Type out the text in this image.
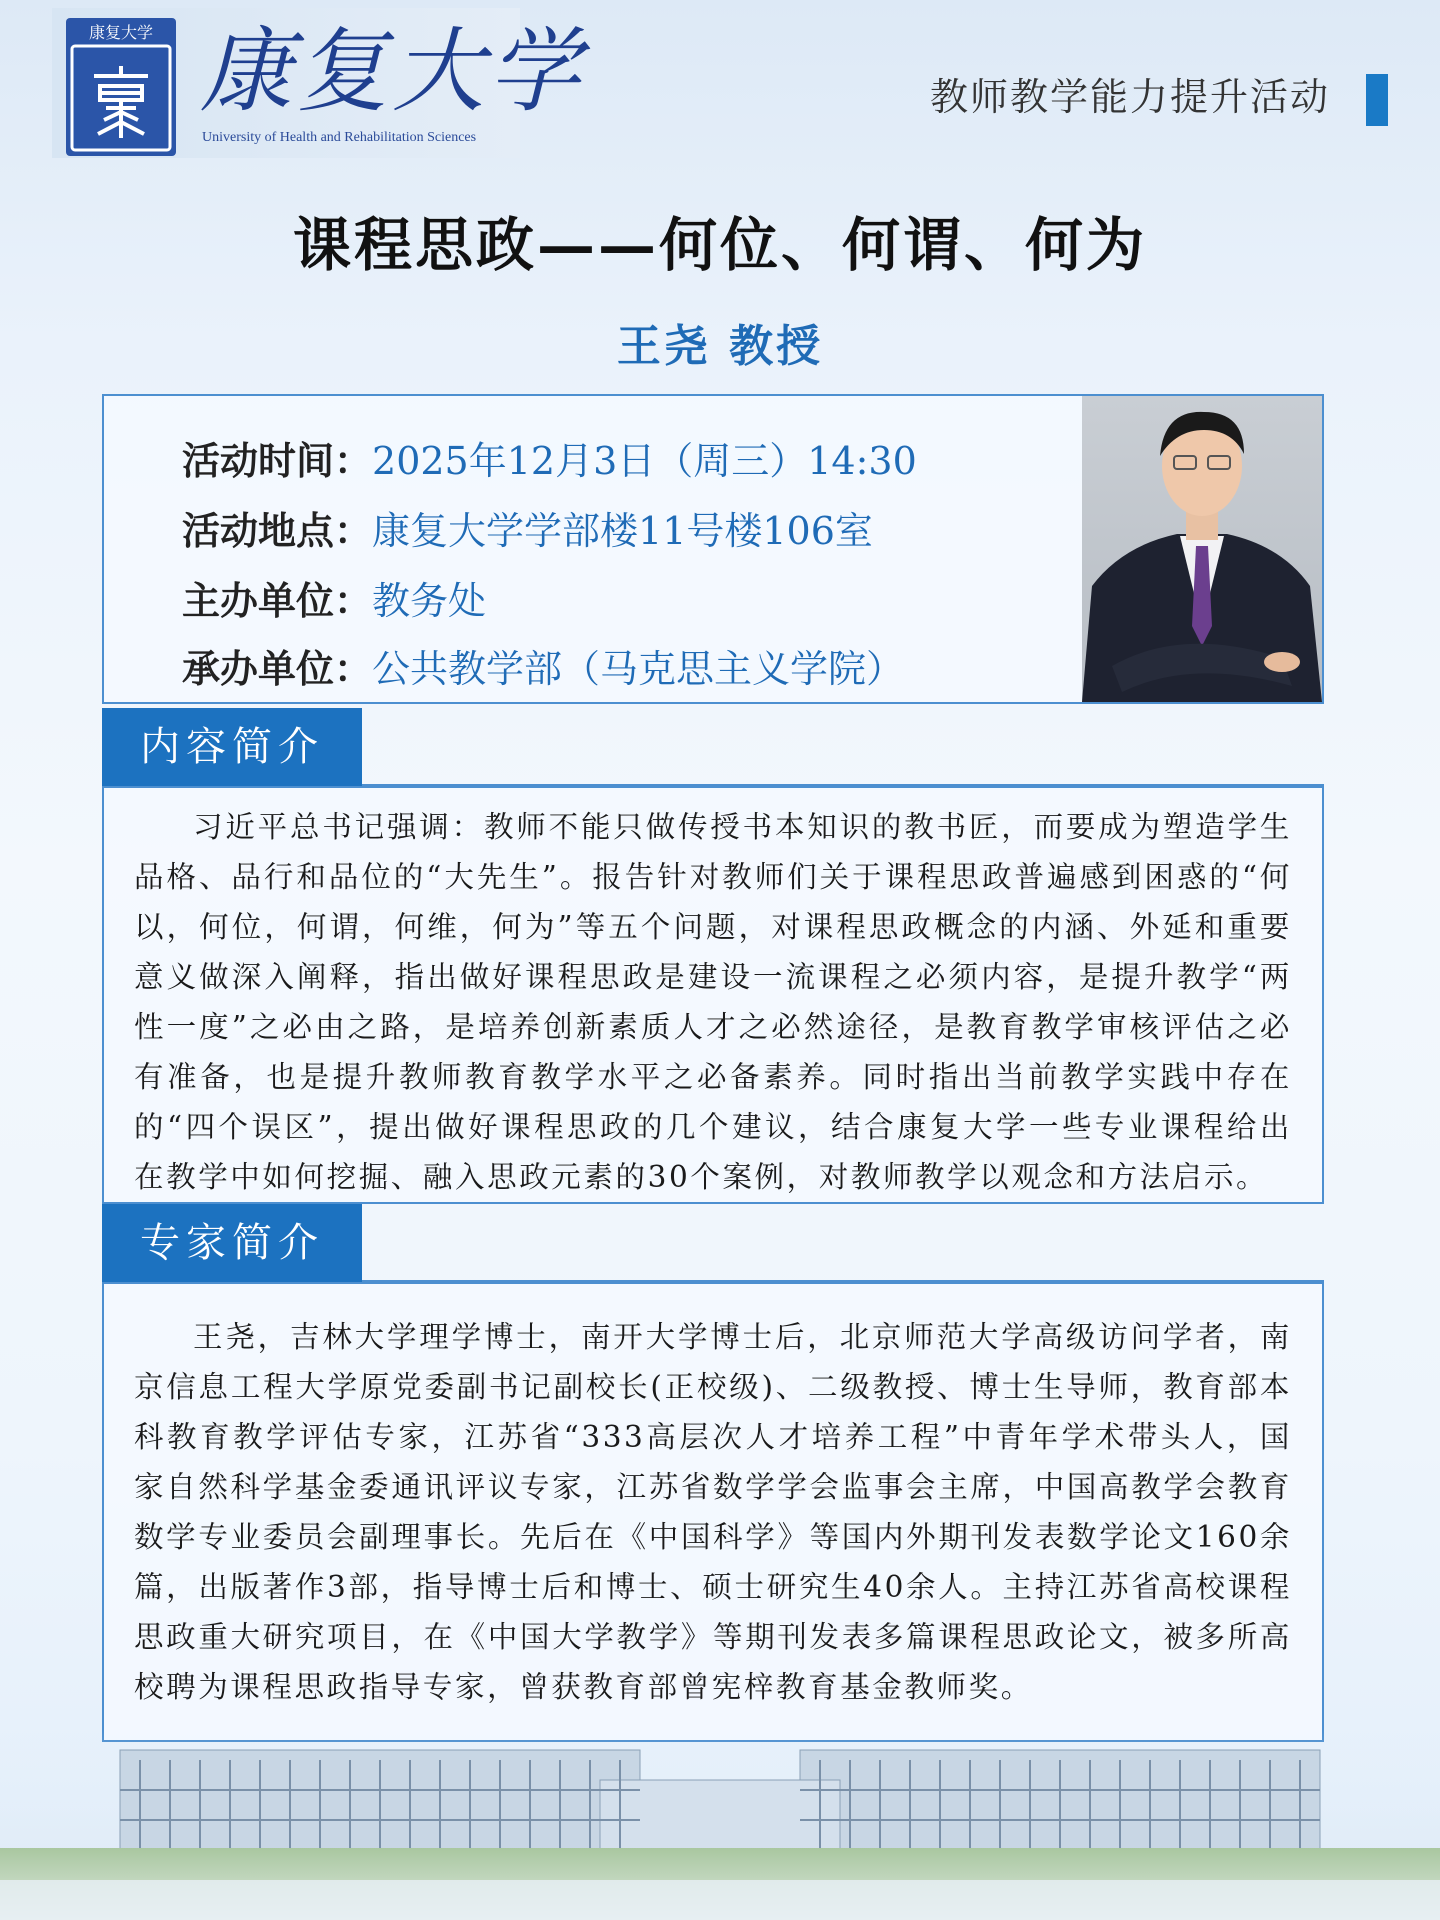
康复大学 康复大学
University of Health and Rehabilitation Sciences
教师教学能力提升活动
课程思政——何位、何谓、何为
王尧 教授
活动时间：2025年12月3日（周三）14:30
活动地点：康复大学学部楼11号楼106室
主办单位：教务处
承办单位：公共教学部（马克思主义学院）
内容简介

习近平总书记强调：教师不能只做传授书本知识的教书匠，而要成为塑造学生品格、品行和品位的“大先生”。报告针对教师们关于课程思政普遍感到困惑的“何以，何位，何谓，何维，何为”等五个问题，对课程思政概念的内涵、外延和重要意义做深入阐释，指出做好课程思政是建设一流课程之必须内容，是提升教学“两性一度”之必由之路，是培养创新素质人才之必然途径，是教育教学审核评估之必有准备，也是提升教师教育教学水平之必备素养。同时指出当前教学实践中存在的“四个误区”，提出做好课程思政的几个建议，结合康复大学一些专业课程给出在教学中如何挖掘、融入思政元素的30个案例，对教师教学以观念和方法启示。

专家简介

王尧，吉林大学理学博士，南开大学博士后，北京师范大学高级访问学者，南京信息工程大学原党委副书记副校长(正校级)、二级教授、博士生导师，教育部本科教育教学评估专家，江苏省“333高层次人才培养工程”中青年学术带头人，国家自然科学基金委通讯评议专家，江苏省数学学会监事会主席，中国高教学会教育数学专业委员会副理事长。先后在《中国科学》等国内外期刊发表数学论文160余篇，出版著作3部，指导博士后和博士、硕士研究生40余人。主持江苏省高校课程思政重大研究项目，在《中国大学教学》等期刊发表多篇课程思政论文，被多所高校聘为课程思政指导专家，曾获教育部曾宪梓教育基金教师奖。
